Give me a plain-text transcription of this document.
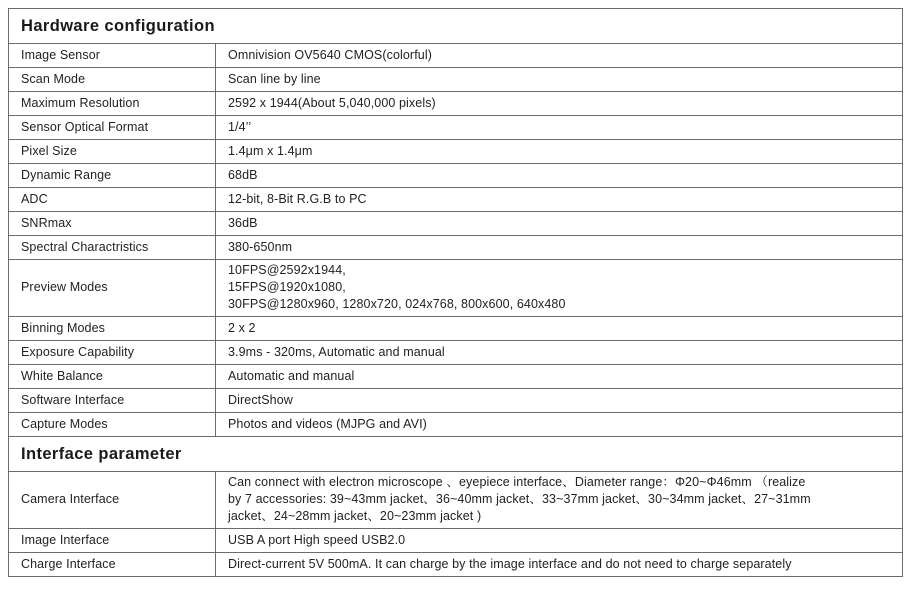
Hardware configuration	
Image Sensor	Omnivision OV5640 CMOS(colorful)
Scan Mode	Scan line by line
Maximum Resolution	2592 x 1944(About 5,040,000 pixels)
Sensor Optical Format	1/4’’
Pixel Size	1.4μm x 1.4μm
Dynamic Range	68dB
ADC	12-bit, 8-Bit R.G.B to PC
SNRmax	36dB
Spectral Charactristics	380-650nm
Preview Modes	10FPS@2592x1944,
15FPS@1920x1080,
30FPS@1280x960, 1280x720, 024x768, 800x600, 640x480

Binning Modes	2 x 2
Exposure Capability	3.9ms - 320ms, Automatic and manual
White Balance	Automatic and manual
Software Interface	DirectShow
Capture Modes	Photos and videos (MJPG and AVI)
Interface parameter	
Camera Interface	Can connect with electron microscope 、eyepiece interface、Diameter range：Φ20~Φ46mm （realize
by 7 accessories: 39~43mm jacket、36~40mm jacket、33~37mm jacket、30~34mm jacket、27~31mm
jacket、24~28mm jacket、20~23mm jacket )

Image Interface	USB A port High speed USB2.0
Charge Interface	Direct-current 5V 500mA. It can charge by the image interface and do not need to charge separately
